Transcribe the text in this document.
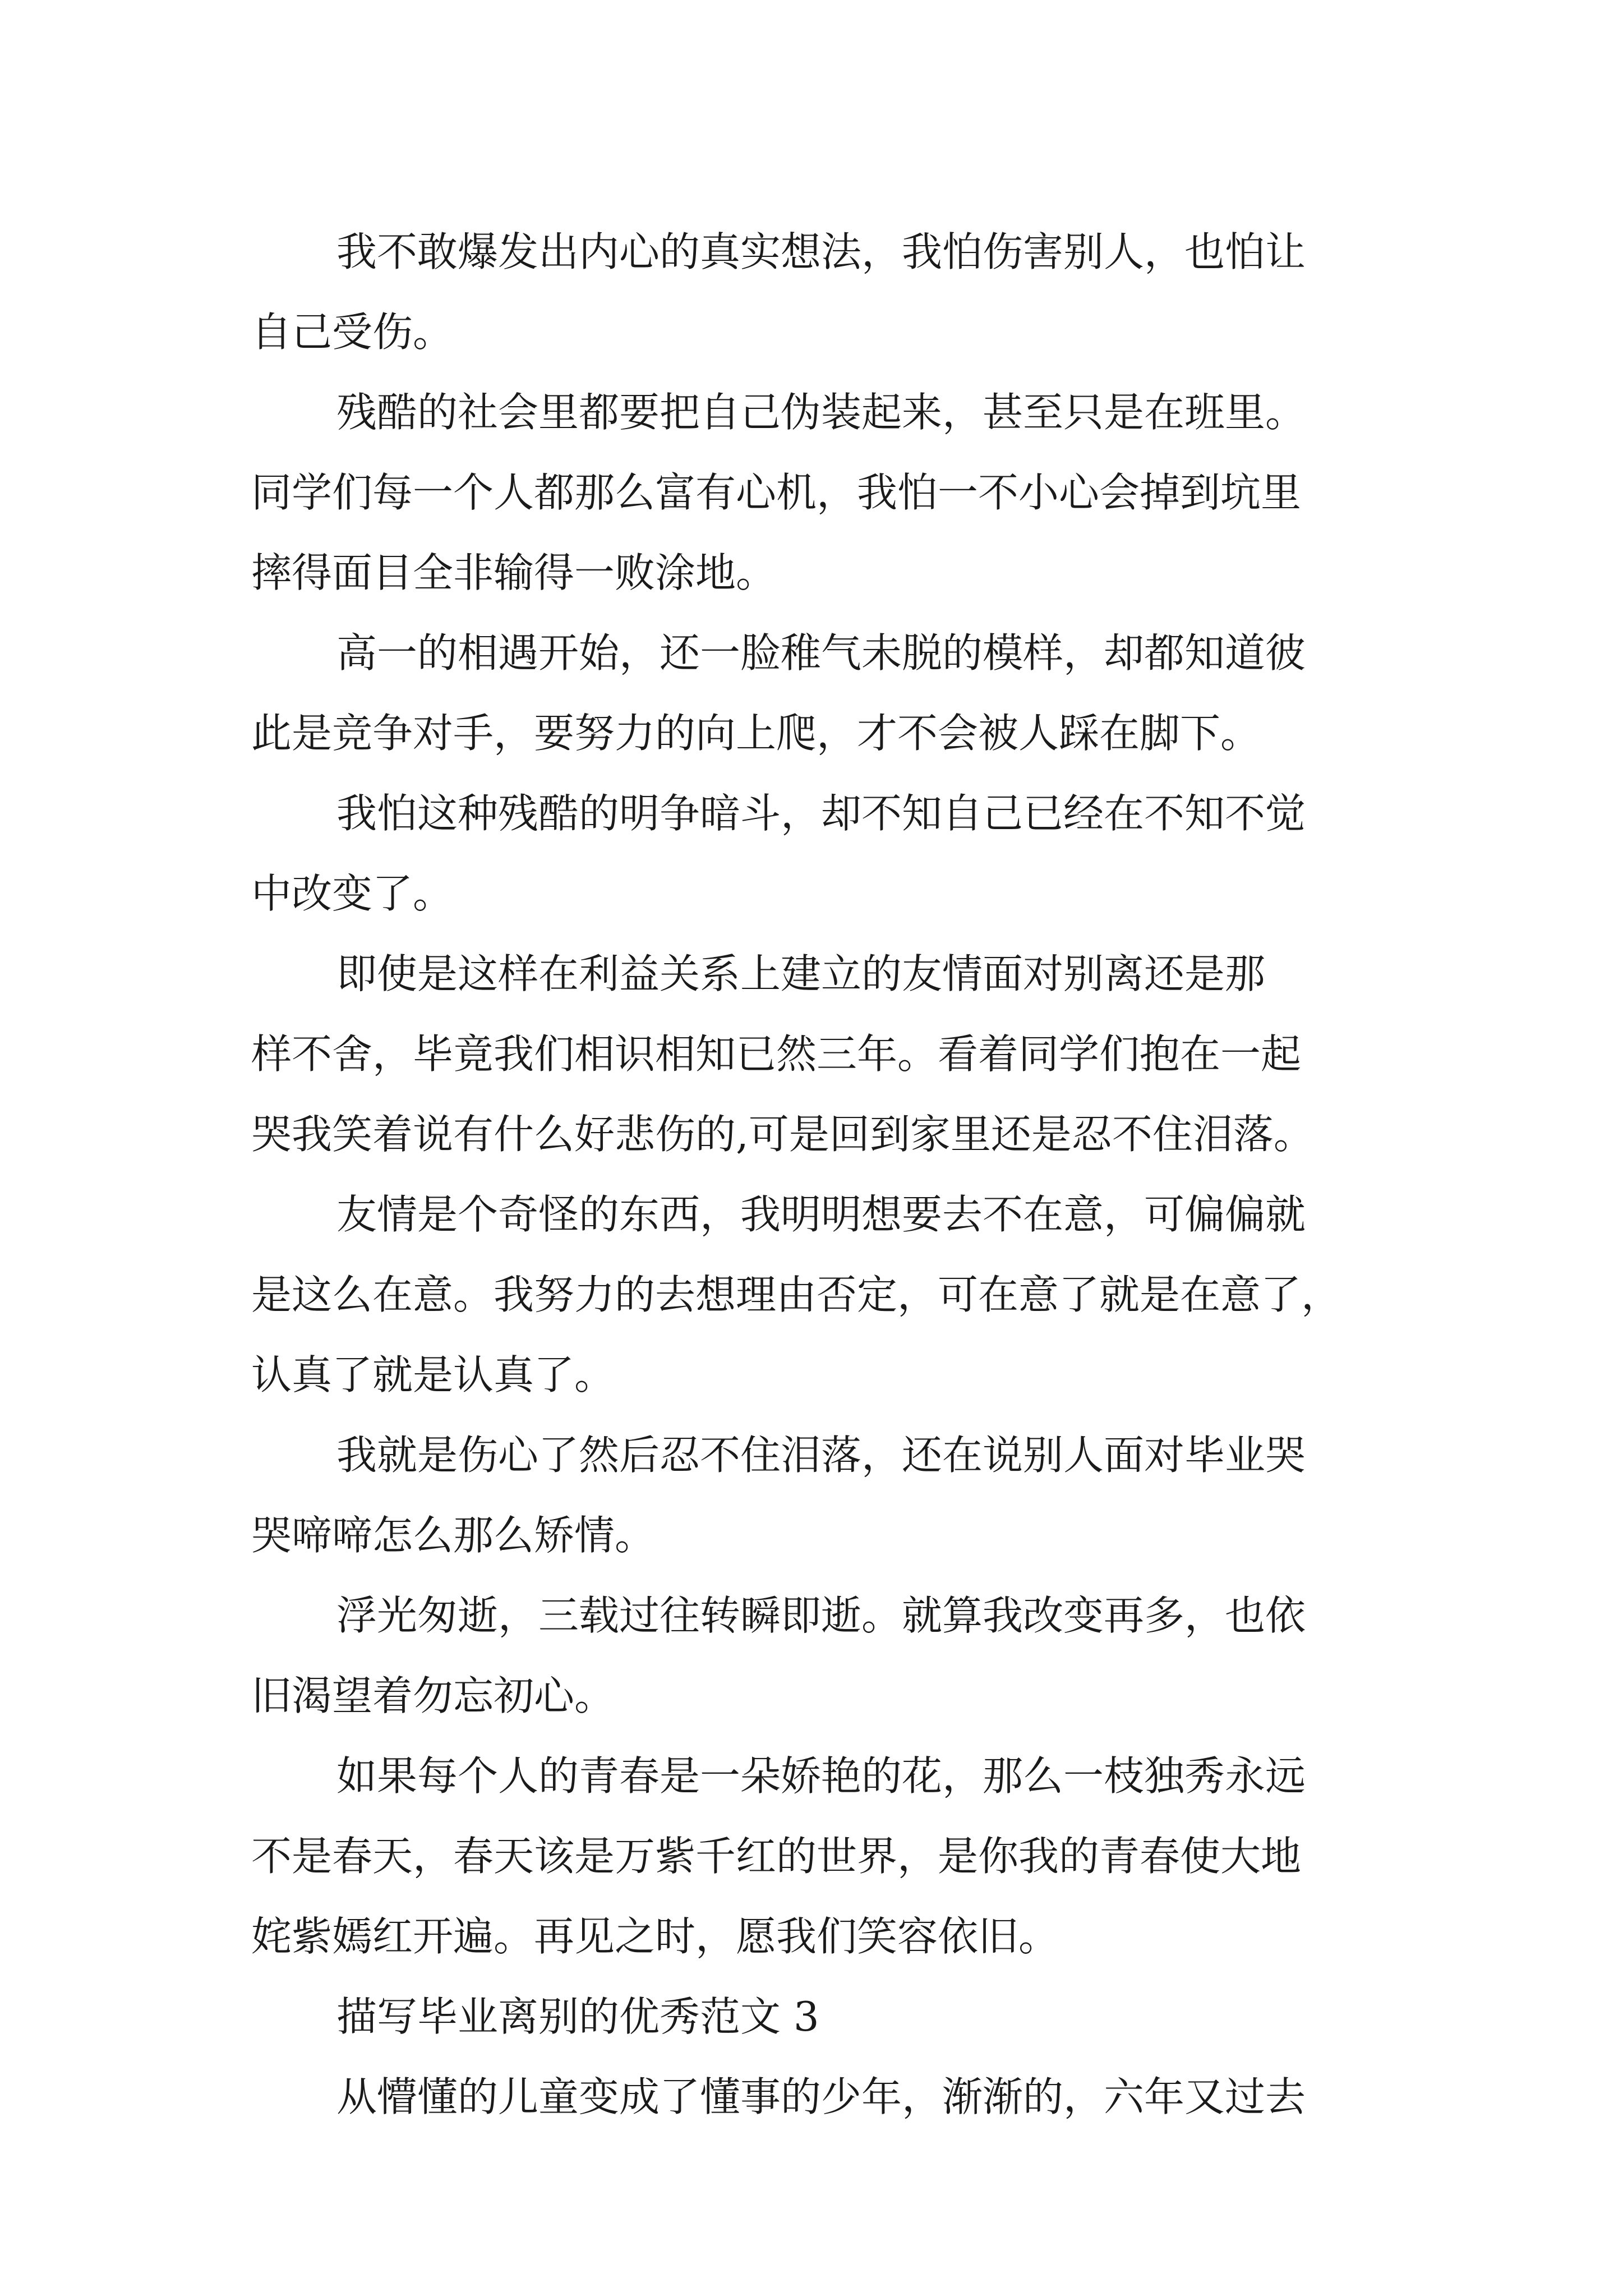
我不敢爆发出内心的真实想法，我怕伤害别人，也怕让
自己受伤。
残酷的社会里都要把自己伪装起来，甚至只是在班里。
同学们每一个人都那么富有心机，我怕一不小心会掉到坑里
摔得面目全非输得一败涂地。
高一的相遇开始，还一脸稚气未脱的模样，却都知道彼
此是竞争对手，要努力的向上爬，才不会被人踩在脚下。
我怕这种残酷的明争暗斗，却不知自己已经在不知不觉
中改变了。
即使是这样在利益关系上建立的友情面对别离还是那
样不舍，毕竟我们相识相知已然三年。看着同学们抱在一起
哭我笑着说有什么好悲伤的,可是回到家里还是忍不住泪落。
友情是个奇怪的东西，我明明想要去不在意，可偏偏就
是这么在意。我努力的去想理由否定，可在意了就是在意了，
认真了就是认真了。
我就是伤心了然后忍不住泪落，还在说别人面对毕业哭
哭啼啼怎么那么矫情。
浮光匆逝，三载过往转瞬即逝。就算我改变再多，也依
旧渴望着勿忘初心。
如果每个人的青春是一朵娇艳的花，那么一枝独秀永远
不是春天，春天该是万紫千红的世界，是你我的青春使大地
姹紫嫣红开遍。再见之时，愿我们笑容依旧。
描写毕业离别的优秀范文 3
从懵懂的儿童变成了懂事的少年，渐渐的，六年又过去
